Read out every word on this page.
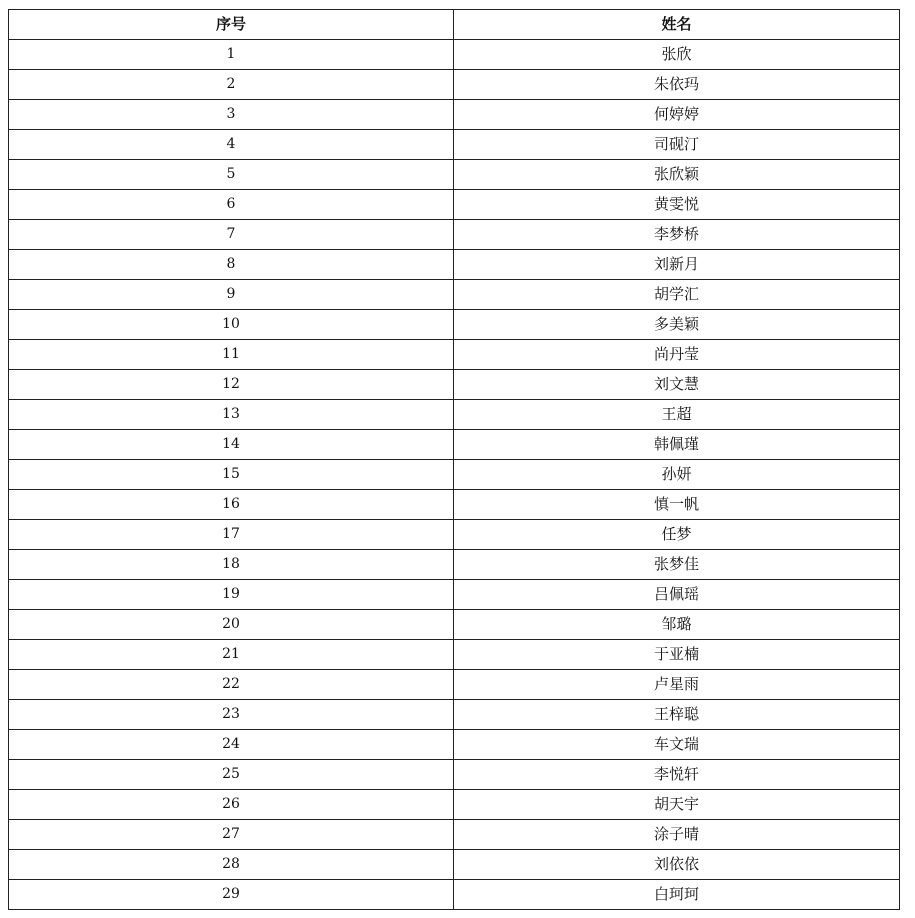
序号	姓名
1	张欣
2	朱依玛
3	何婷婷
4	司砚汀
5	张欣颖
6	黄雯悦
7	李梦桥
8	刘新月
9	胡学汇
10	多美颖
11	尚丹莹
12	刘文慧
13	王超
14	韩佩瑾
15	孙妍
16	慎一帆
17	任梦
18	张梦佳
19	吕佩瑶
20	邹璐
21	于亚楠
22	卢星雨
23	王梓聪
24	车文瑞
25	李悦轩
26	胡天宇
27	涂子晴
28	刘依依
29	白珂珂
